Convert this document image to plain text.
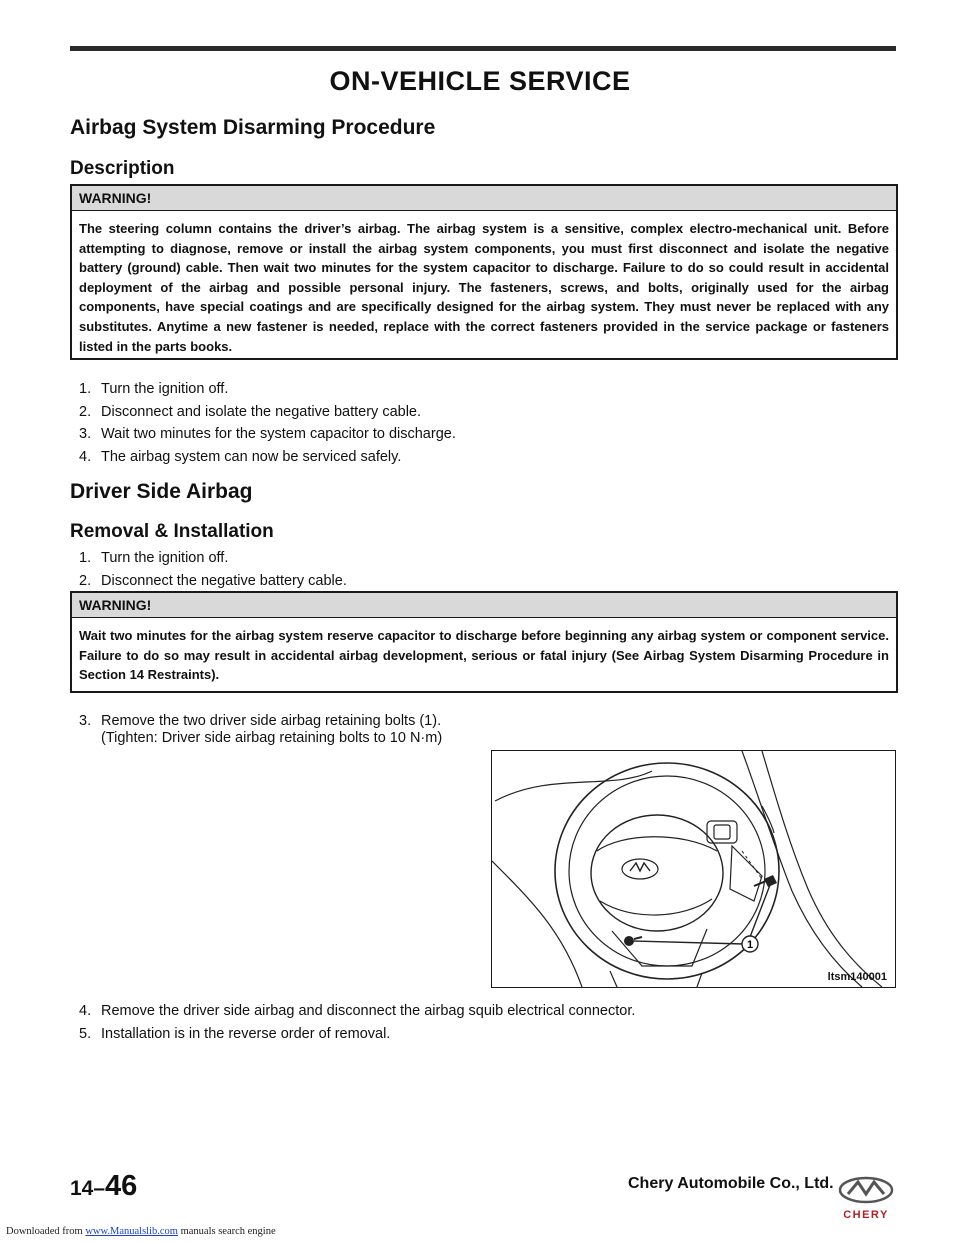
ON-VEHICLE SERVICE
Airbag System Disarming Procedure
Description
WARNING!
The steering column contains the driver’s airbag. The airbag system is a sensitive, complex electro-mechanical unit. Before attempting to diagnose, remove or install the airbag system components, you must first disconnect and isolate the negative battery (ground) cable. Then wait two minutes for the system capacitor to discharge. Failure to do so could result in accidental deployment of the airbag and possible personal injury. The fasteners, screws, and bolts, originally used for the airbag components, have special coatings and are specifically designed for the airbag system. They must never be replaced with any substitutes. Anytime a new fastener is needed, replace with the correct fasteners provided in the service package or fasteners listed in the parts books.
1. Turn the ignition off.
2. Disconnect and isolate the negative battery cable.
3. Wait two minutes for the system capacitor to discharge.
4. The airbag system can now be serviced safely.
Driver Side Airbag
Removal & Installation
1. Turn the ignition off.
2. Disconnect the negative battery cable.
WARNING!
Wait two minutes for the airbag system reserve capacitor to discharge before beginning any airbag system or component service. Failure to do so may result in accidental airbag development, serious or fatal injury (See Airbag System Disarming Procedure in Section 14 Restraints).
3. Remove the two driver side airbag retaining bolts (1).
(Tighten: Driver side airbag retaining bolts to 10 N·m)
1
ltsm140001
4. Remove the driver side airbag and disconnect the airbag squib electrical connector.
5. Installation is in the reverse order of removal.
14–46	Chery Automobile Co., Ltd.
CHERY
Downloaded from www.Manualslib.com manuals search engine
